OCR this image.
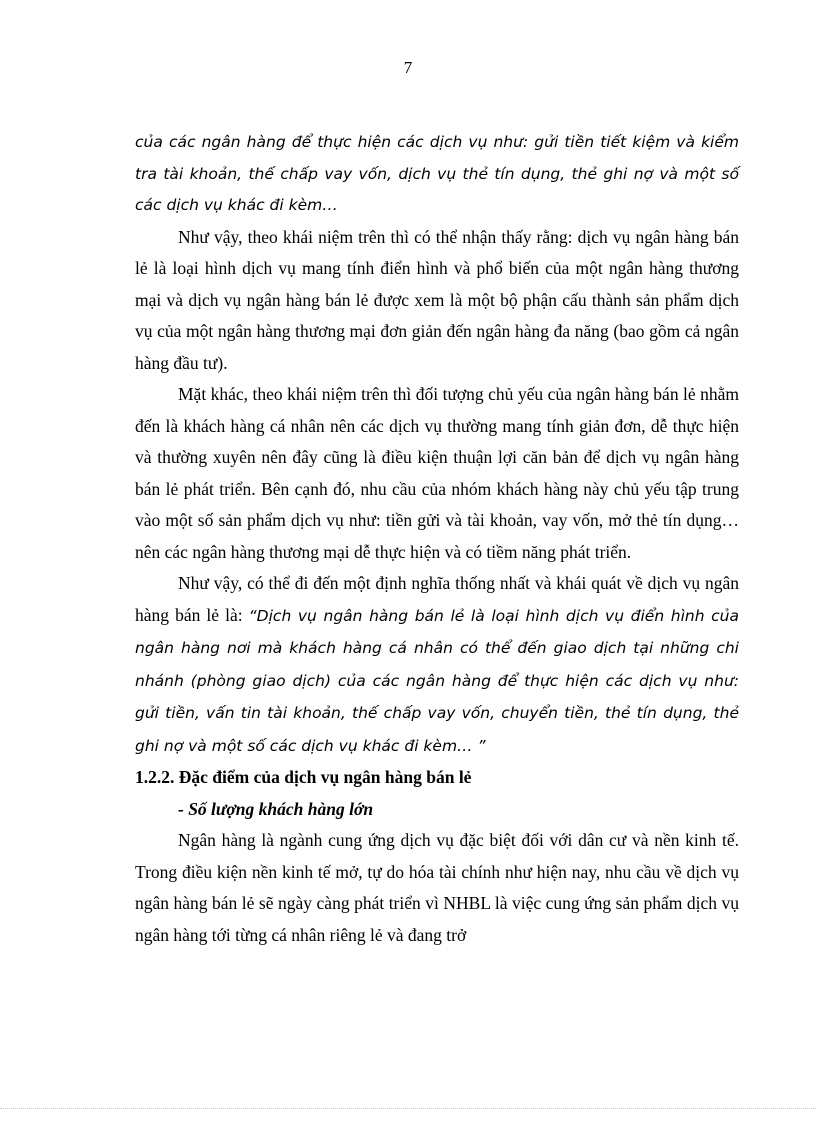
7

của các ngân hàng để thực hiện các dịch vụ như: gửi tiền tiết kiệm và kiểm tra tài khoản, thế chấp vay vốn, dịch vụ thẻ tín dụng, thẻ ghi nợ và một số các dịch vụ khác đi kèm…

Như vậy, theo khái niệm trên thì có thể nhận thấy rằng: dịch vụ ngân hàng bán lẻ là loại hình dịch vụ mang tính điển hình và phổ biến của một ngân hàng thương mại và dịch vụ ngân hàng bán lẻ được xem là một bộ phận cấu thành sản phẩm dịch vụ của một ngân hàng thương mại đơn giản đến ngân hàng đa năng (bao gồm cả ngân hàng đầu tư).

Mặt khác, theo khái niệm trên thì đối tượng chủ yếu của ngân hàng bán lẻ nhằm đến là khách hàng cá nhân nên các dịch vụ thường mang tính giản đơn, dễ thực hiện và thường xuyên nên đây cũng là điều kiện thuận lợi căn bản để dịch vụ ngân hàng bán lẻ phát triển. Bên cạnh đó, nhu cầu của nhóm khách hàng này chủ yếu tập trung vào một số sản phẩm dịch vụ như: tiền gửi và tài khoản, vay vốn, mở thẻ tín dụng…nên các ngân hàng thương mại dễ thực hiện và có tiềm năng phát triển.

Như vậy, có thể đi đến một định nghĩa thống nhất và khái quát về dịch vụ ngân hàng bán lẻ là: “Dịch vụ ngân hàng bán lẻ là loại hình dịch vụ điển hình của ngân hàng nơi mà khách hàng cá nhân có thể đến giao dịch tại những chi nhánh (phòng giao dịch) của các ngân hàng để thực hiện các dịch vụ như: gửi tiền, vấn tin tài khoản, thế chấp vay vốn, chuyển tiền, thẻ tín dụng, thẻ ghi nợ và một số các dịch vụ khác đi kèm… ”

1.2.2. Đặc điểm của dịch vụ ngân hàng bán lẻ

- Số lượng khách hàng lớn

Ngân hàng là ngành cung ứng dịch vụ đặc biệt đối với dân cư và nền kinh tế. Trong điều kiện nền kinh tế mở, tự do hóa tài chính như hiện nay, nhu cầu về dịch vụ ngân hàng bán lẻ sẽ ngày càng phát triển vì NHBL là việc cung ứng sản phẩm dịch vụ ngân hàng tới từng cá nhân riêng lẻ và đang trở
